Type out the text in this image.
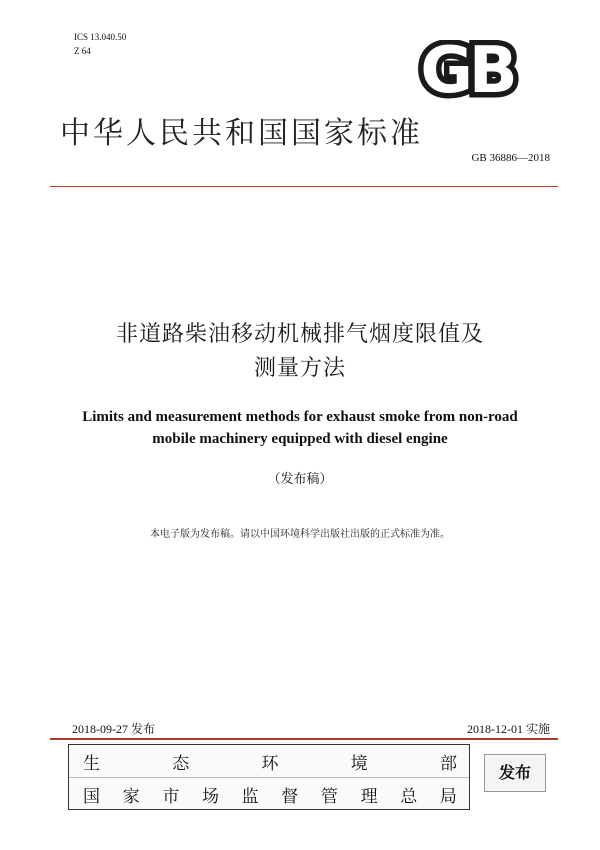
ICS 13.040.50
Z 64	GB
中华人民共和国国家标准
GB 36886—2018
非道路柴油移动机械排气烟度限值及
测量方法
Limits and measurement methods for exhaust smoke from non-road
mobile machinery equipped with diesel engine
（发布稿）
本电子版为发布稿。请以中国环境科学出版社出版的正式标准为准。
2018-09-27 发布	2018-12-01 实施
生	态	环	境	部
国 家 市 场 监 督 管 理 总 局
发布
